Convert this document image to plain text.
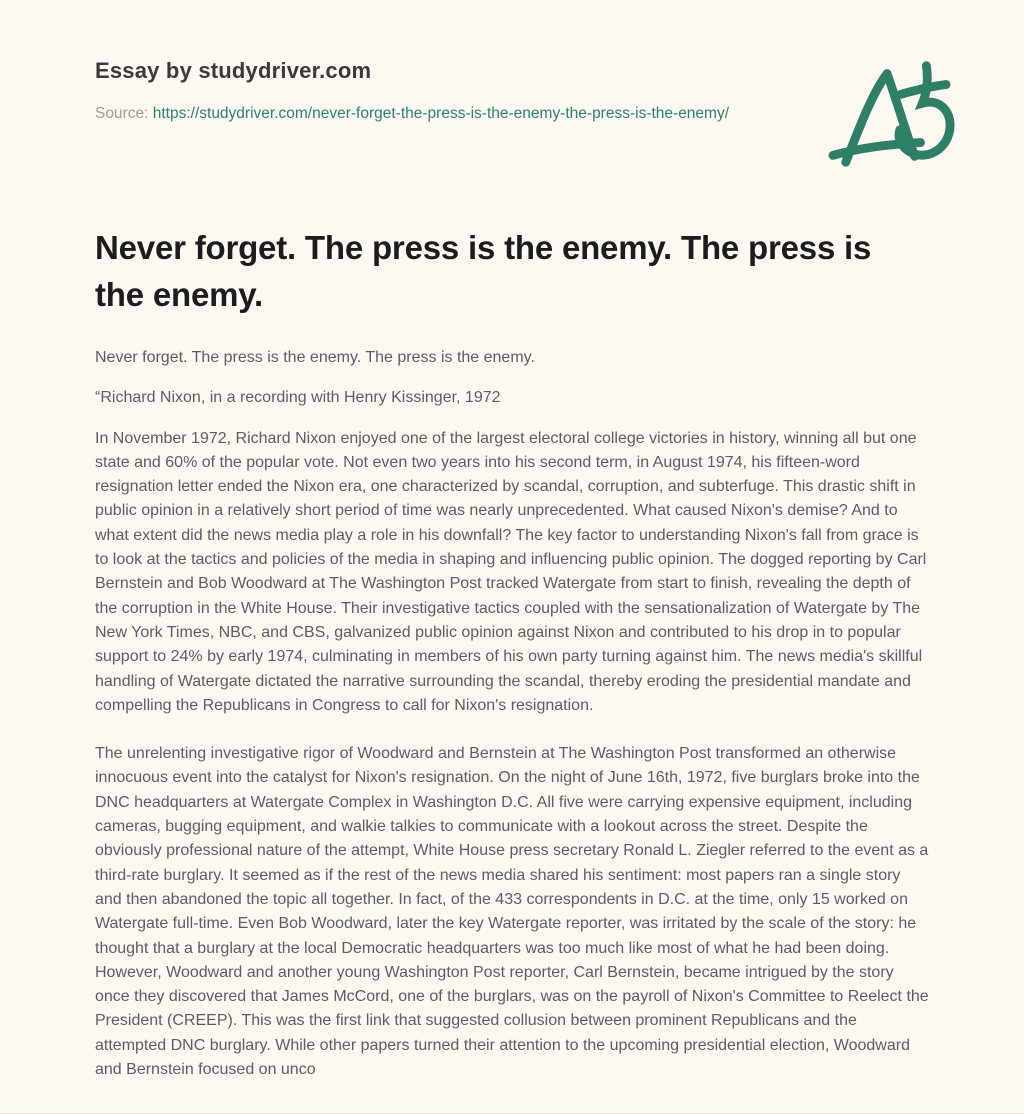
Essay by studydriver.com
Source: https://studydriver.com/never-forget-the-press-is-the-enemy-the-press-is-the-enemy/
Never forget. The press is the enemy. The press is the enemy.

Never forget. The press is the enemy. The press is the enemy.

“Richard Nixon, in a recording with Henry Kissinger, 1972

In November 1972, Richard Nixon enjoyed one of the largest electoral college victories in history, winning all but one state and 60% of the popular vote. Not even two years into his second term, in August 1974, his fifteen-word resignation letter ended the Nixon era, one characterized by scandal, corruption, and subterfuge. This drastic shift in public opinion in a relatively short period of time was nearly unprecedented. What caused Nixon's demise? And to what extent did the news media play a role in his downfall? The key factor to understanding Nixon's fall from grace is to look at the tactics and policies of the media in shaping and influencing public opinion. The dogged reporting by Carl Bernstein and Bob Woodward at The Washington Post tracked Watergate from start to finish, revealing the depth of the corruption in the White House. Their investigative tactics coupled with the sensationalization of Watergate by The New York Times, NBC, and CBS, galvanized public opinion against Nixon and contributed to his drop in to popular support to 24% by early 1974, culminating in members of his own party turning against him. The news media's skillful handling of Watergate dictated the narrative surrounding the scandal, thereby eroding the presidential mandate and compelling the Republicans in Congress to call for Nixon's resignation.

The unrelenting investigative rigor of Woodward and Bernstein at The Washington Post transformed an otherwise innocuous event into the catalyst for Nixon's resignation. On the night of June 16th, 1972, five burglars broke into the DNC headquarters at Watergate Complex in Washington D.C. All five were carrying expensive equipment, including cameras, bugging equipment, and walkie talkies to communicate with a lookout across the street. Despite the obviously professional nature of the attempt, White House press secretary Ronald L. Ziegler referred to the event as a third-rate burglary. It seemed as if the rest of the news media shared his sentiment: most papers ran a single story and then abandoned the topic all together. In fact, of the 433 correspondents in D.C. at the time, only 15 worked on Watergate full-time. Even Bob Woodward, later the key Watergate reporter, was irritated by the scale of the story: he thought that a burglary at the local Democratic headquarters was too much like most of what he had been doing. However, Woodward and another young Washington Post reporter, Carl Bernstein, became intrigued by the story once they discovered that James McCord, one of the burglars, was on the payroll of Nixon's Committee to Reelect the President (CREEP). This was the first link that suggested collusion between prominent Republicans and the attempted DNC burglary. While other papers turned their attention to the upcoming presidential election, Woodward and Bernstein focused on unco
